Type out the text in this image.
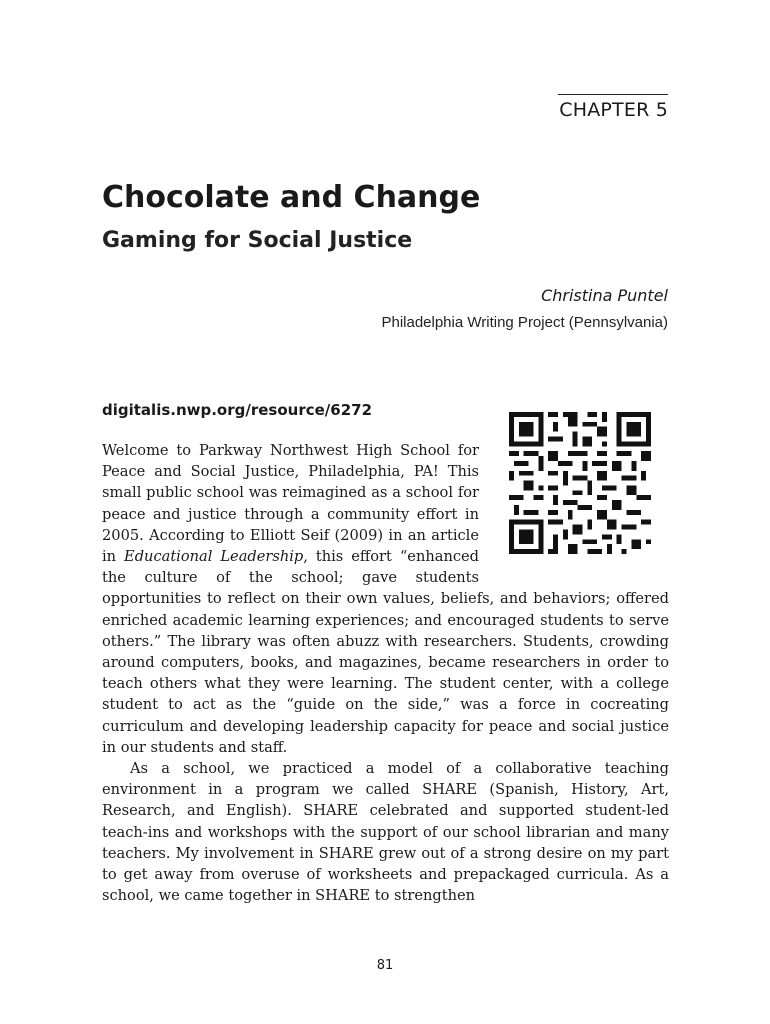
CHAPTER 5
Chocolate and Change
Gaming for Social Justice
Christina Puntel
Philadelphia Writing Project (Pennsylvania)
digitalis.nwp.org/resource/6272

Welcome to Parkway Northwest High School for Peace and Social Justice, Philadelphia, PA! This small public school was reimagined as a school for peace and justice through a community effort in 2005. According to Elliott Seif (2009) in an article in Educational Leadership, this effort “enhanced the culture of the school; gave students opportunities to reflect on their own values, beliefs, and behaviors; offered enriched academic learning experiences; and encouraged students to serve others.” The library was often abuzz with researchers. Students, crowding around computers, books, and magazines, became researchers in order to teach others what they were learning. The student center, with a college student to act as the “guide on the side,” was a force in cocreating curriculum and developing leadership capacity for peace and social justice in our students and staff.

As a school, we practiced a model of a collaborative teaching environment in a program we called SHARE (Spanish, History, Art, Research, and English). SHARE celebrated and supported student-led teach-ins and workshops with the support of our school librarian and many teachers. My involvement in SHARE grew out of a strong desire on my part to get away from overuse of worksheets and prepackaged curricula. As a school, we came together in SHARE to strengthen

81
